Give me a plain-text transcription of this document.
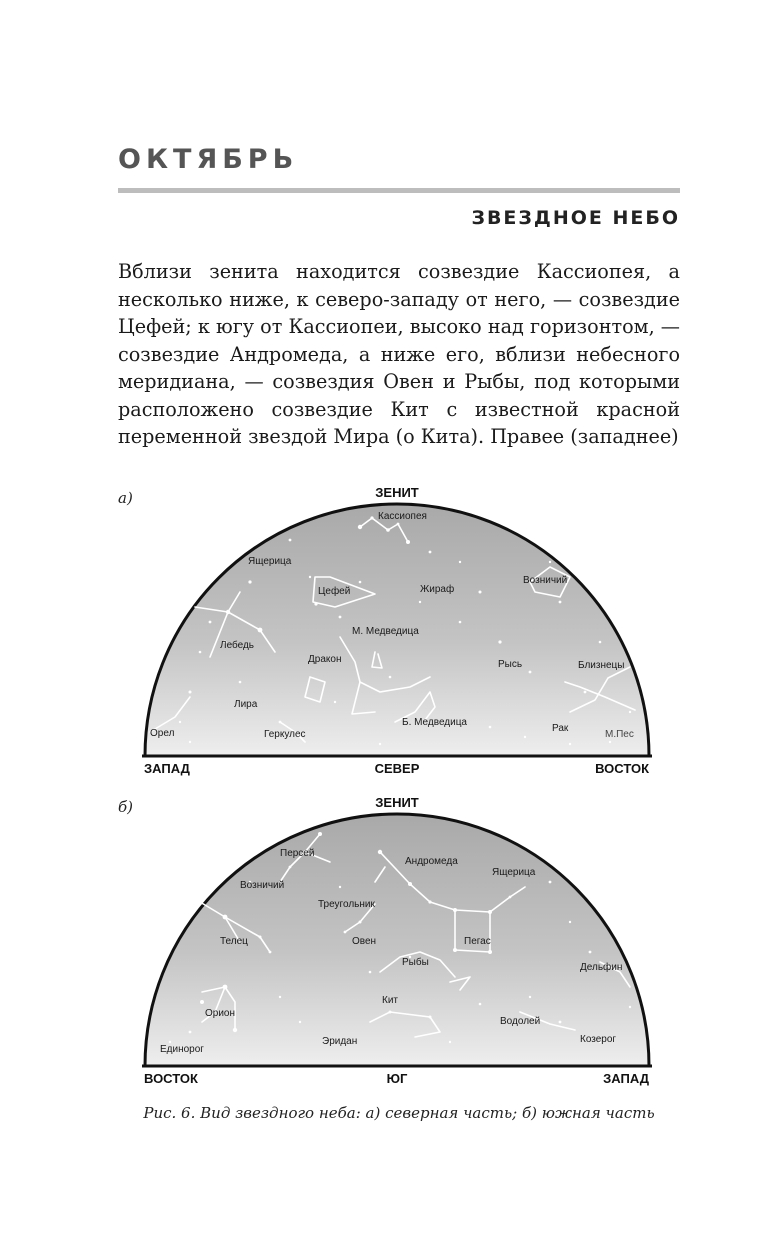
ОКТЯБРЬ
ЗВЕЗДНОЕ НЕБО

Вблизи зенита находится созвездие Кассиопея, а несколько ниже, к северо-западу от него, — созвездие Цефей; к югу от Кассиопеи, высоко над горизонтом, — созвездие Андромеда, а ниже его, вблизи небесного меридиана, — созвездия Овен и Рыбы, под которыми расположено созвездие Кит с известной красной переменной звездой Мира (ο Кита). Правее (западнее)

а)	ЗЕНИТ
Кассиопея
Ящерица
Цефей	Жираф
Возничий
Лебедь
М. Медведица
Дракон	Рысь	Близнецы
Лира
Орел	Геркулес
Б. Медведица
Рак
М.Пес
ЗАПАД	СЕВЕР	ВОСТОК
б)	ЗЕНИТ
Персей
Андромеда
Ящерица
Возничий
Треугольник
Телец	Овен	Пегас
Рыбы	Дельфин
Орион
Кит
Водолей
Козерог
Единорог
Эридан
ВОСТОК	ЮГ	ЗАПАД
Рис. 6. Вид звездного неба: а) северная часть; б) южная часть
